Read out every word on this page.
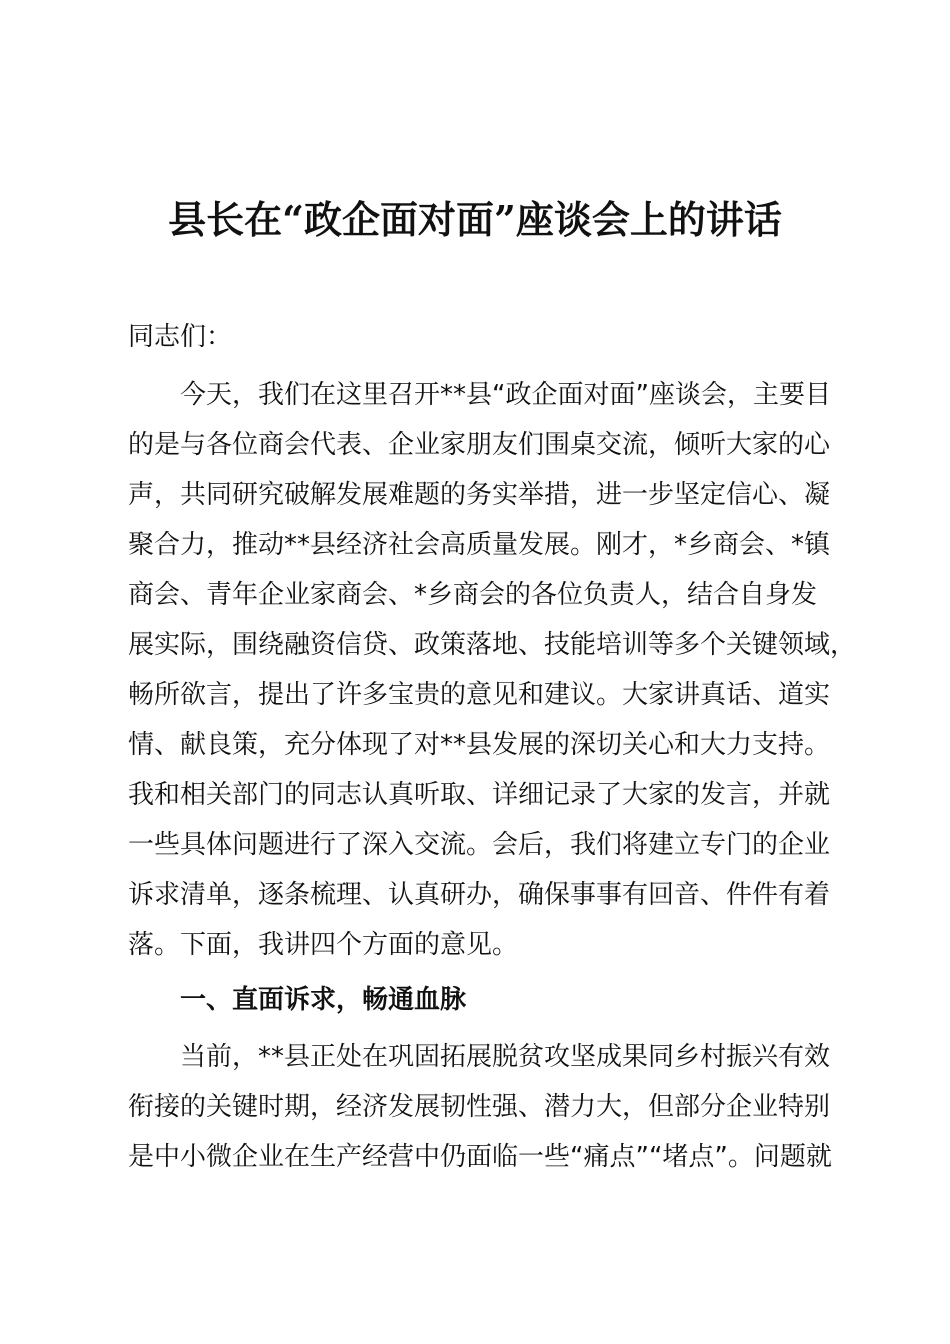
县长在“政企面对面”座谈会上的讲话
同志们：
今天，我们在这里召开**县“政企面对面”座谈会，主要目
的是与各位商会代表、企业家朋友们围桌交流，倾听大家的心
声，共同研究破解发展难题的务实举措，进一步坚定信心、凝
聚合力，推动**县经济社会高质量发展。刚才，*乡商会、*镇
商会、青年企业家商会、*乡商会的各位负责人，结合自身发
展实际，围绕融资信贷、政策落地、技能培训等多个关键领域，
畅所欲言，提出了许多宝贵的意见和建议。大家讲真话、道实
情、献良策，充分体现了对**县发展的深切关心和大力支持。
我和相关部门的同志认真听取、详细记录了大家的发言，并就
一些具体问题进行了深入交流。会后，我们将建立专门的企业
诉求清单，逐条梳理、认真研办，确保事事有回音、件件有着
落。下面，我讲四个方面的意见。
一、直面诉求，畅通血脉
当前，**县正处在巩固拓展脱贫攻坚成果同乡村振兴有效
衔接的关键时期，经济发展韧性强、潜力大，但部分企业特别
是中小微企业在生产经营中仍面临一些“痛点”“堵点”。问题就
